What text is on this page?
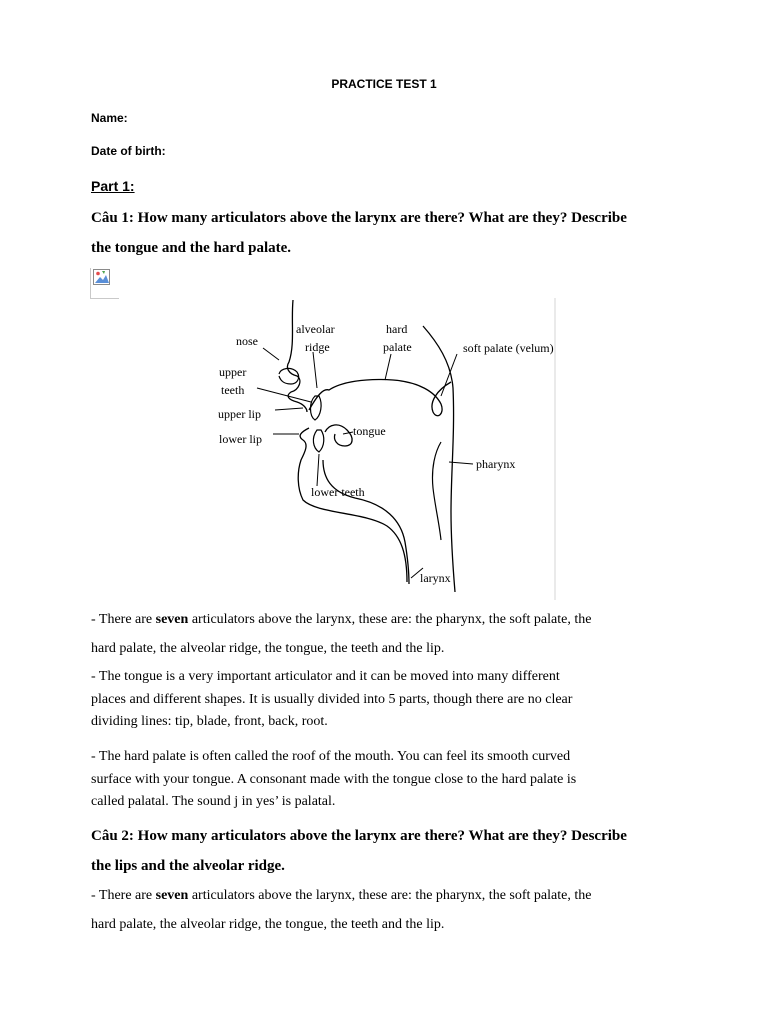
PRACTICE TEST 1
Name:
Date of birth:
Part 1:
Câu 1: How many articulators above the larynx are there? What are they? Describe
the tongue and the hard palate.
nose
alveolar
ridge
hard
palate	soft palate (velum)
upper
teeth
upper lip
lower lip
tongue
pharynx
lower teeth
larynx
- There are seven articulators above the larynx, these are: the pharynx, the soft palate, the
hard palate, the alveolar ridge, the tongue, the teeth and the lip.
- The tongue is a very important articulator and it can be moved into many different
places and different shapes. It is usually divided into 5 parts, though there are no clear
dividing lines: tip, blade, front, back, root.
- The hard palate is often called the roof of the mouth. You can feel its smooth curved
surface with your tongue. A consonant made with the tongue close to the hard palate is
called palatal. The sound j in yes’ is palatal.
Câu 2: How many articulators above the larynx are there? What are they? Describe
the lips and the alveolar ridge.
- There are seven articulators above the larynx, these are: the pharynx, the soft palate, the
hard palate, the alveolar ridge, the tongue, the teeth and the lip.
